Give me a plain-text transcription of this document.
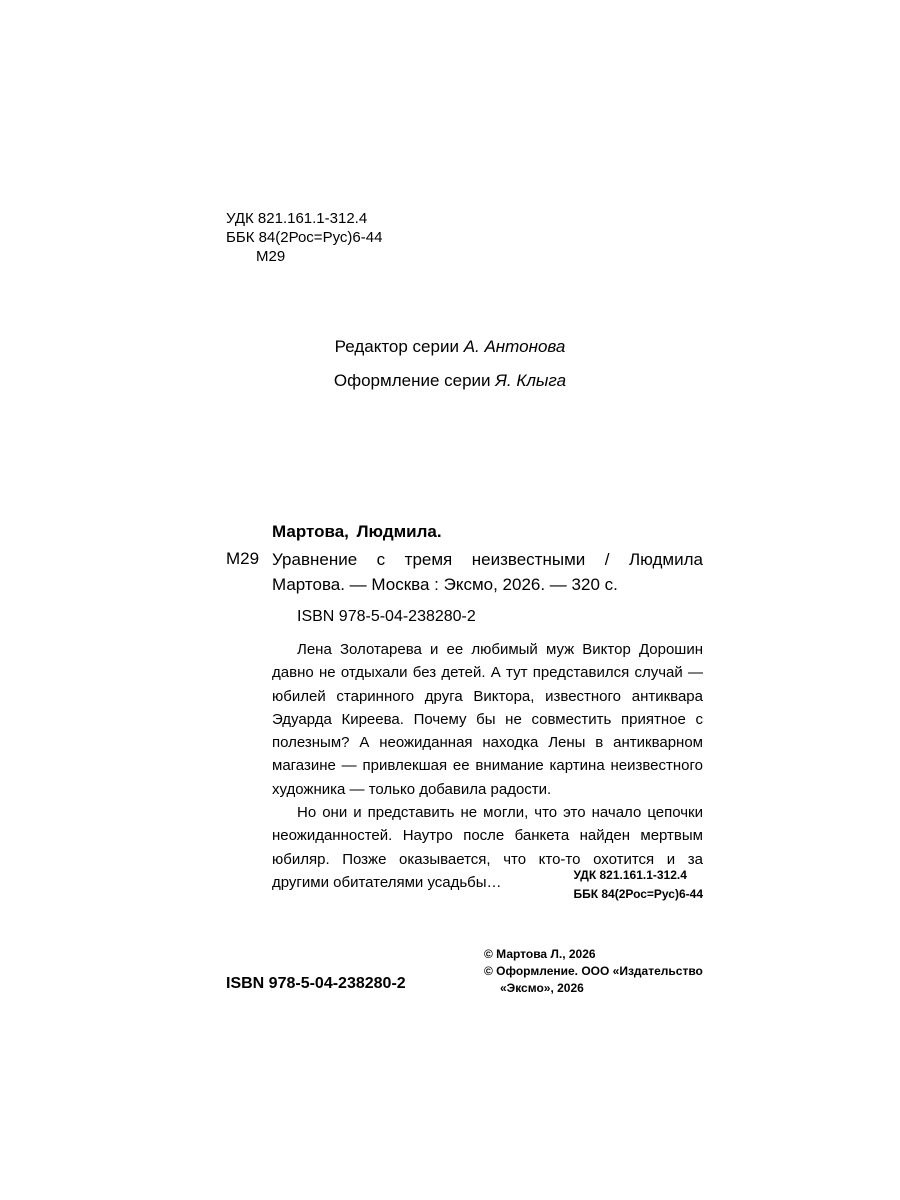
УДК 821.161.1-312.4
ББК 84(2Рос=Рус)6-44
М29
Редактор серии А. Антонова
Оформление серии Я. Клыга
Мартова, Людмила.
М29 Уравнение с тремя неизвестными / Людмила Мартова. — Москва : Эксмо, 2026. — 320 с.
ISBN 978-5-04-238280-2

Лена Золотарева и ее любимый муж Виктор Дорошин давно не отдыхали без детей. А тут представился случай — юбилей старинного друга Виктора, известного антиквара Эдуарда Киреева. Почему бы не совместить приятное с полезным? А неожиданная находка Лены в антикварном магазине — привлекшая ее внимание картина неизвестного художника — только добавила радости.

Но они и представить не могли, что это начало цепочки неожиданностей. Наутро после банкета найден мертвым юбиляр. Позже оказывается, что кто-то охотится и за другими обитателями усадьбы…	УДК 821.161.1-312.4
ББК 84(2Рос=Рус)6-44
ISBN 978-5-04-238280-2
© Мартова Л., 2026
© Оформление. ООО «Издательство
«Эксмо», 2026
